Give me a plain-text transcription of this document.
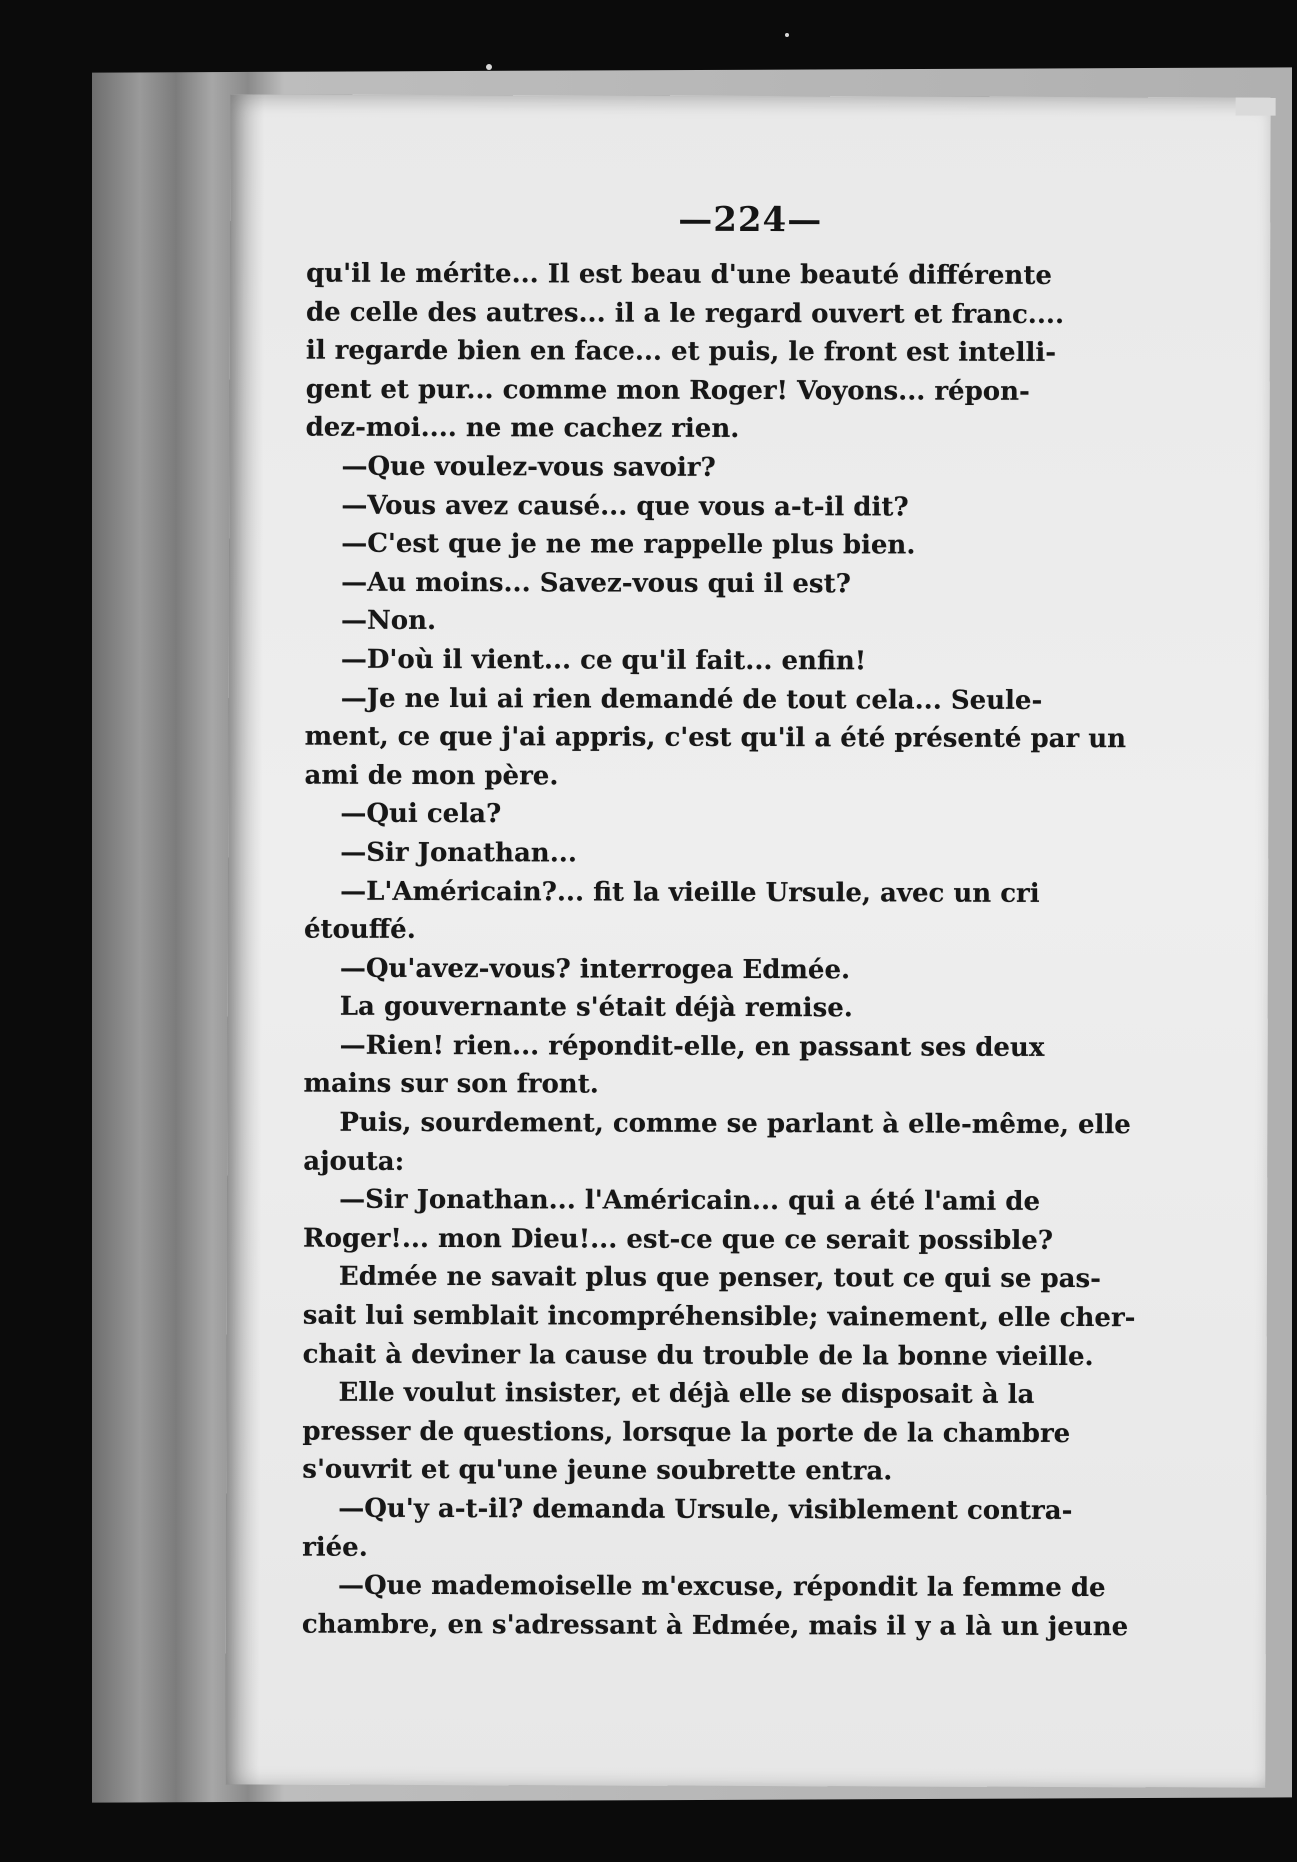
—224—
qu'il le mérite... Il est beau d'une beauté différente
de celle des autres... il a le regard ouvert et franc....
il regarde bien en face... et puis, le front est intelli-
gent et pur... comme mon Roger! Voyons... répon-
dez-moi.... ne me cachez rien.
—Que voulez-vous savoir?
—Vous avez causé... que vous a-t-il dit?
—C'est que je ne me rappelle plus bien.
—Au moins... Savez-vous qui il est?
—Non.
—D'où il vient... ce qu'il fait... enfin!
—Je ne lui ai rien demandé de tout cela... Seule-
ment, ce que j'ai appris, c'est qu'il a été présenté par un
ami de mon père.
—Qui cela?
—Sir Jonathan...
—L'Américain?... fit la vieille Ursule, avec un cri
étouffé.
—Qu'avez-vous? interrogea Edmée.
La gouvernante s'était déjà remise.
—Rien! rien... répondit-elle, en passant ses deux
mains sur son front.
Puis, sourdement, comme se parlant à elle-même, elle
ajouta:
—Sir Jonathan... l'Américain... qui a été l'ami de
Roger!... mon Dieu!... est-ce que ce serait possible?
Edmée ne savait plus que penser, tout ce qui se pas-
sait lui semblait incompréhensible; vainement, elle cher-
chait à deviner la cause du trouble de la bonne vieille.
Elle voulut insister, et déjà elle se disposait à la
presser de questions, lorsque la porte de la chambre
s'ouvrit et qu'une jeune soubrette entra.
—Qu'y a-t-il? demanda Ursule, visiblement contra-
riée.
—Que mademoiselle m'excuse, répondit la femme de
chambre, en s'adressant à Edmée, mais il y a là un jeune
